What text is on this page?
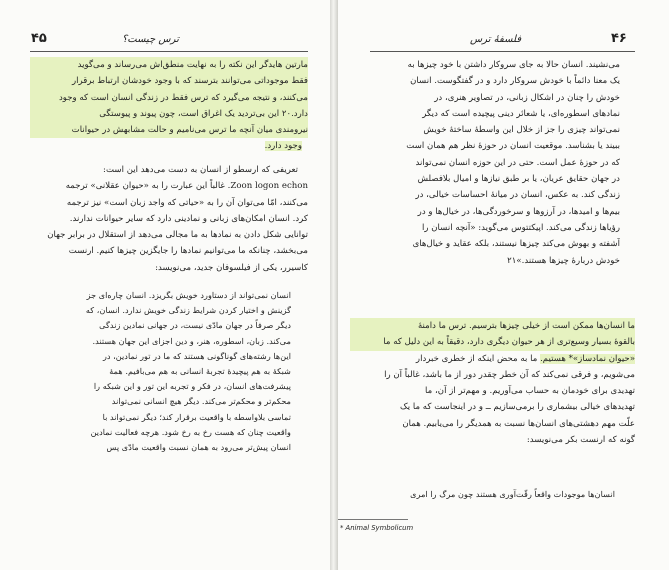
۴۵	ترس چیست؟
مارتین هایدگر این نکته را به نهایت منطق‌اش می‌رساند و می‌گوید
فقط موجوداتی می‌توانند بترسند که با وجود خودشان ارتباط برقرار
می‌کنند، و نتیجه می‌گیرد که ترس فقط در زندگی انسان است که وجود
دارد.۲۰ این بی‌تردید یک اغراق است، چون پیوند و پیوستگی
نیرومندی میان آنچه ما ترس می‌نامیم و حالت مشابهش در حیوانات
وجود دارد.
تعریفی که ارسطو از انسان به دست می‌دهد این است:
Zoon logon echon. غالباً این عبارت را به «حیوان عقلانی» ترجمه
می‌کنند، امّا می‌توان آن را به «حیاتی که واجد زبان است» نیز ترجمه
کرد. انسان امکان‌های زبانی و نمادینی دارد که سایر حیوانات ندارند.
توانایی شکل دادن به نمادها به ما مجالی می‌دهد از استقلال در برابر جهان
می‌بخشد، چنانکه ما می‌توانیم نمادها را جایگزین چیزها کنیم. ارنست
کاسیرر، یکی از فیلسوفان جدید، می‌نویسد:
انسان نمی‌تواند از دستاورد خویش بگریزد. انسان چاره‌ای جز
گزینش و اختیار کردن شرایط زندگی خویش ندارد. انسان، که
دیگر صرفاً در جهان مادّی نیست، در جهانی نمادین زندگی
می‌کند. زبان، اسطوره، هنر، و دین اجزای این جهان هستند.
این‌ها رشته‌های گوناگونی هستند که ما در تور نمادین، در
شبکهٔ به هم پیچیدهٔ تجربهٔ انسانی به هم می‌بافیم. همهٔ
پیشرفت‌های انسان، در فکر و تجربه این تور و این شبکه را
محکم‌تر و محکم‌تر می‌کند. دیگر هیچ انسانی نمی‌تواند
تماسی بلاواسطه با واقعیت برقرار کند؛ دیگر نمی‌تواند با
واقعیت چنان که هست رخ به رخ شود. هرچه فعالیت نمادین
انسان پیش‌تر می‌رود به همان نسبت واقعیت مادّی پس
۴۶
فلسفهٔ ترس
می‌نشیند. انسان حالا به جای سروکار داشتن با خود چیزها به
یک معنا دائماً با خودش سروکار دارد و در گفتگوست. انسان
خودش را چنان در اشکال زبانی، در تصاویر هنری، در
نمادهای اسطوره‌ای، یا شعائر دینی پیچیده است که دیگر
نمی‌تواند چیزی را جز از خلال این واسطهٔ ساختهٔ خویش
ببیند یا بشناسد. موقعیت انسان در حوزهٔ نظر هم همان است
که در حوزهٔ عمل است. حتی در این حوزه انسان نمی‌تواند
در جهان حقایق عریان، یا بر طبق نیازها و امیال بلافصلش
زندگی کند. به عکس، انسان در میانهٔ احساسات خیالی، در
بیم‌ها و امیدها، در آرزوها و سرخوردگی‌ها، در خیال‌ها و در
رؤیاها زندگی می‌کند. اپیکتتوس می‌گوید: «آنچه انسان را
آشفته و بهوش می‌کند چیزها نیستند، بلکه عقاید و خیال‌های
خودش دربارهٔ چیزها هستند.»۲۱
ما انسان‌ها ممکن است از خیلی چیزها بترسیم. ترس ما دامنهٔ
بالقوهٔ بسیار وسیع‌تری از هر حیوان دیگری دارد، دقیقاً به این دلیل که ما
«حیوان نمادساز»* هستیم. ما به محض اینکه از خطری خبردار
می‌شویم، و فرقی نمی‌کند که آن خطر چقدر دور از ما باشد، غالباً آن را
تهدیدی برای خودمان به حساب می‌آوریم. و مهم‌تر از آن، ما
تهدیدهای خیالی بیشماری را برمی‌سازیم ــ و در اینجاست که ما یک
علّت مهم دهشتی‌های انسان‌ها نسبت به همدیگر را می‌یابیم. همان
گونه که ارنست بکر می‌نویسد:
انسان‌ها موجودات واقعاً رقّت‌آوری هستند چون مرگ را امری
* Animal Symbolicum
